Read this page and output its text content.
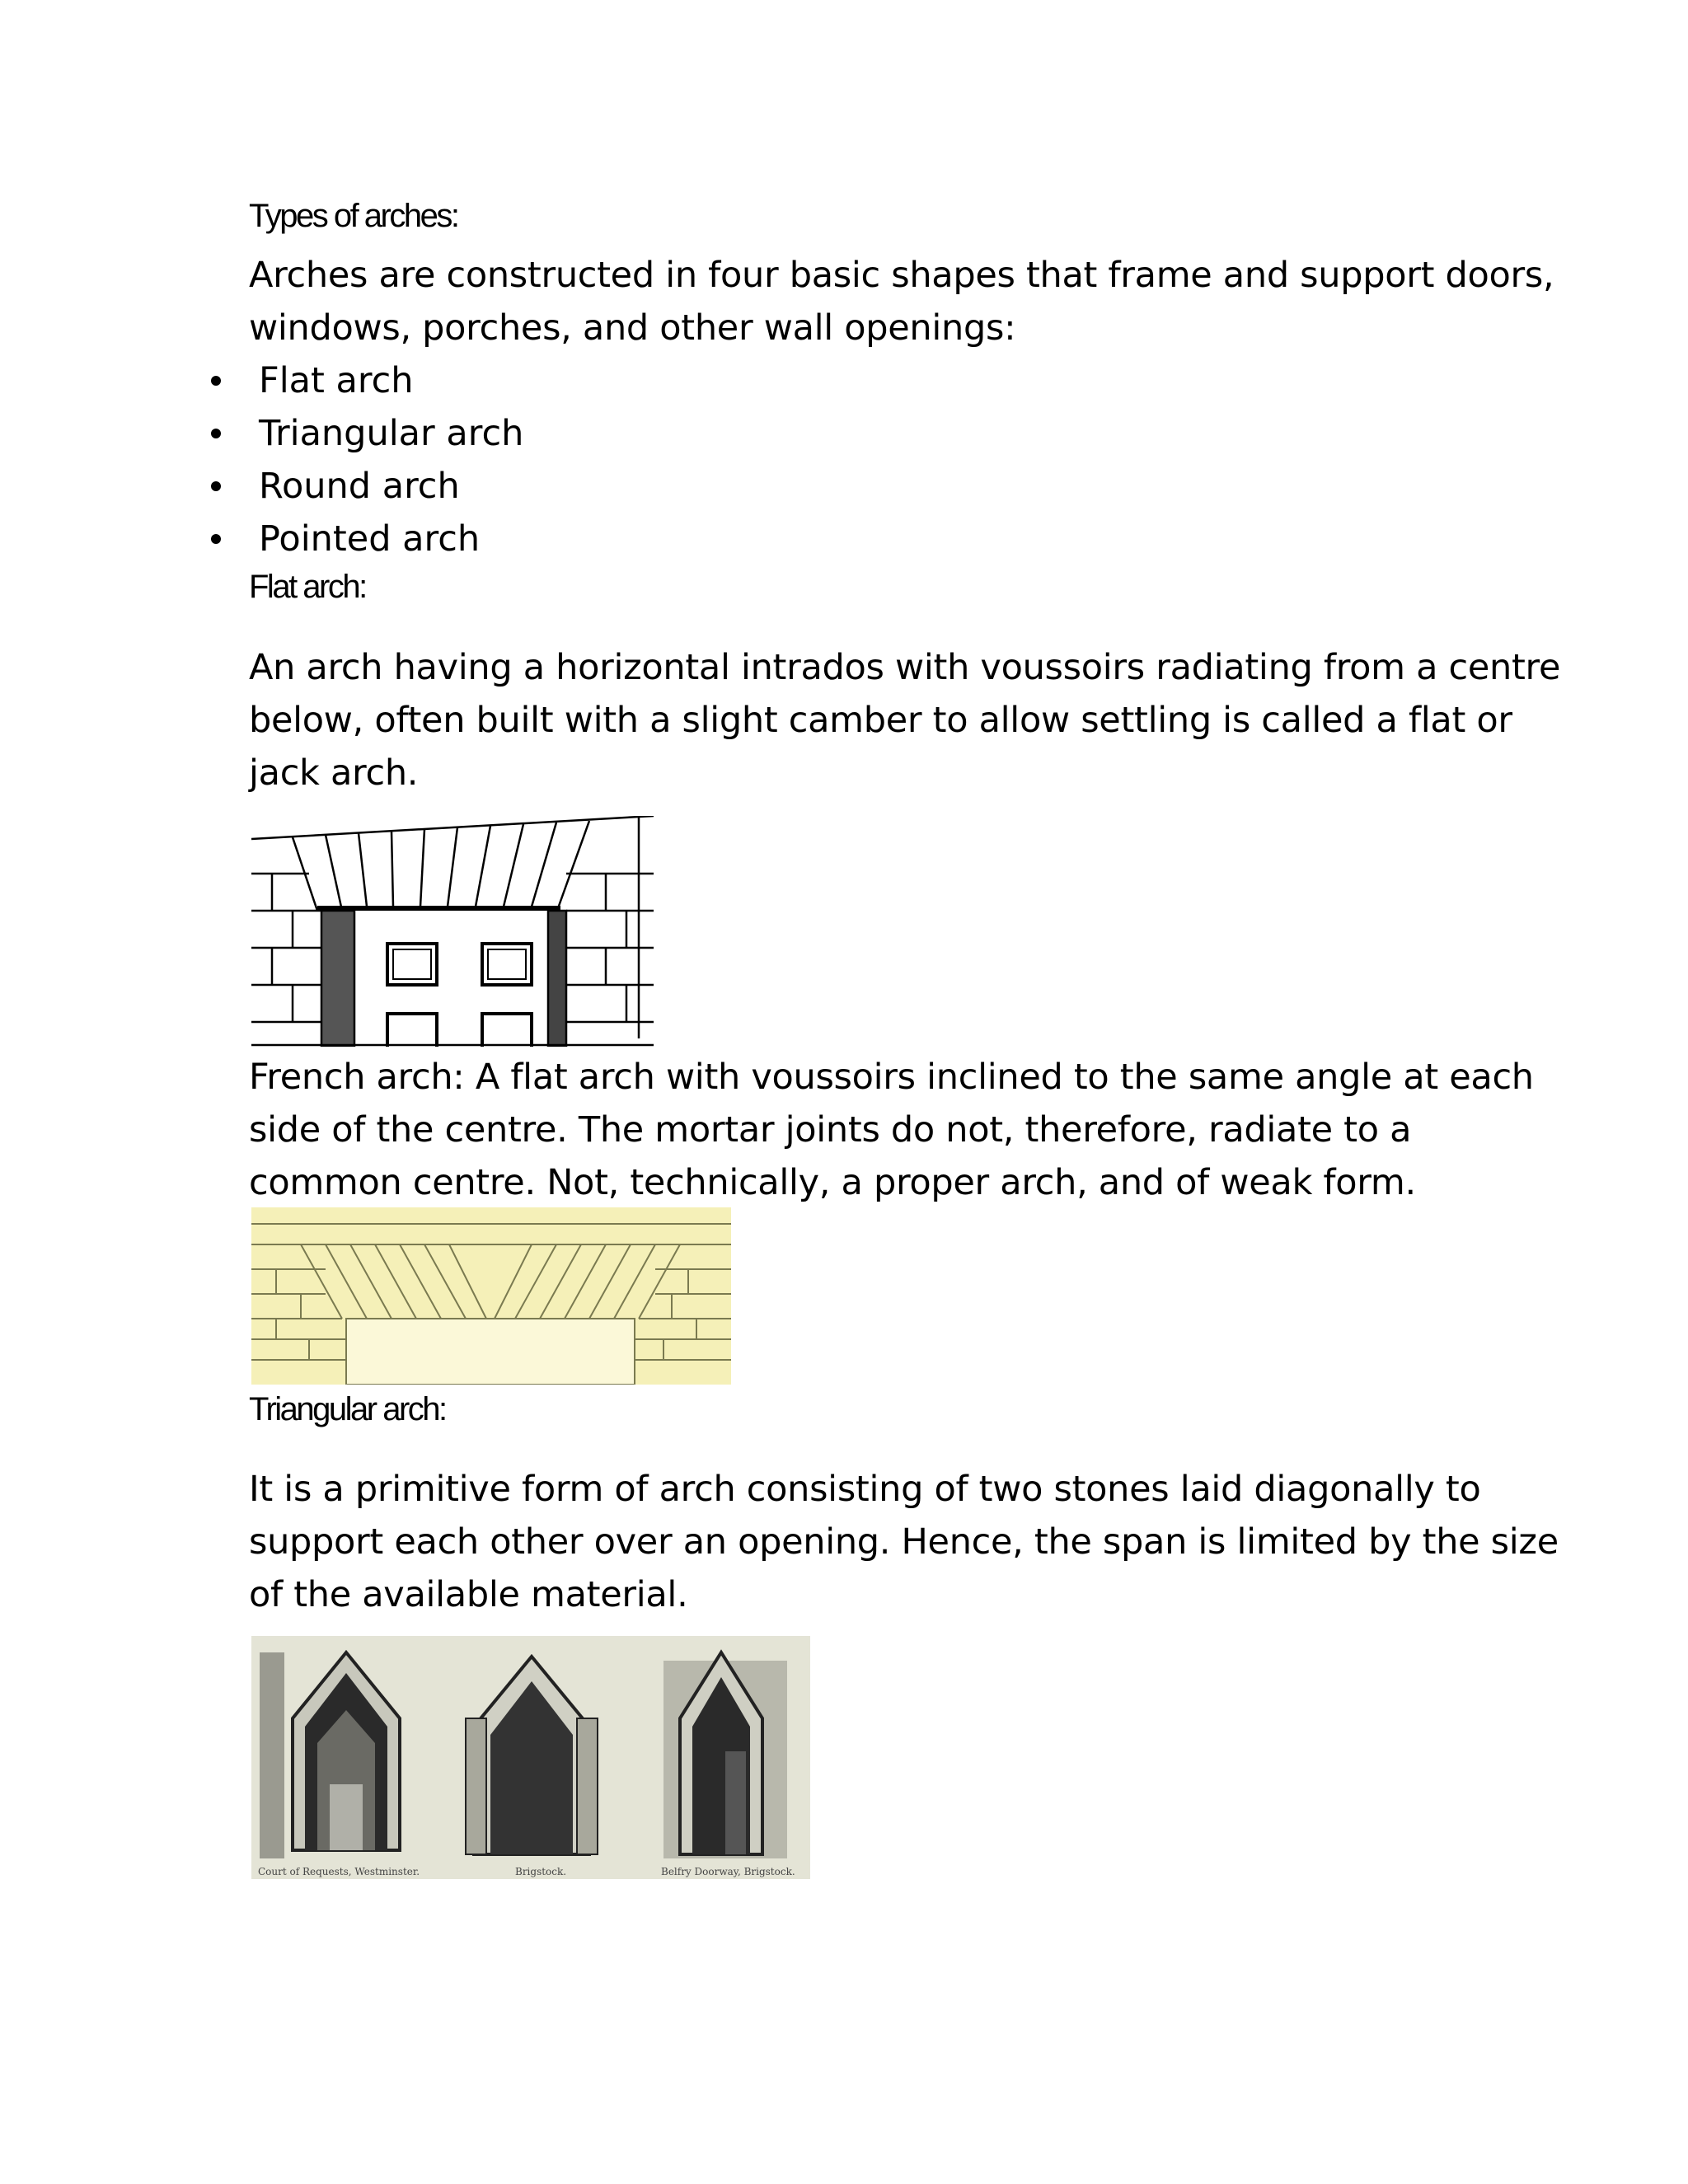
Types of arches:
Arches are constructed in four basic shapes that frame and support doors,
windows, porches, and other wall openings:
Flat arch
Triangular arch
Round arch
Pointed arch
Flat arch:
An arch having a horizontal intrados with voussoirs radiating from a centre
below, often built with a slight camber to allow settling is called a flat or
jack arch.
French arch: A flat arch with voussoirs inclined to the same angle at each
side of the centre. The mortar joints do not, therefore, radiate to a
common centre. Not, technically, a proper arch, and of weak form.
Triangular arch:
It is a primitive form of arch consisting of two stones laid diagonally to
support each other over an opening. Hence, the span is limited by the size
of the available material.
Court of Requests, Westminster.	Brigstock.	Belfry Doorway, Brigstock.
